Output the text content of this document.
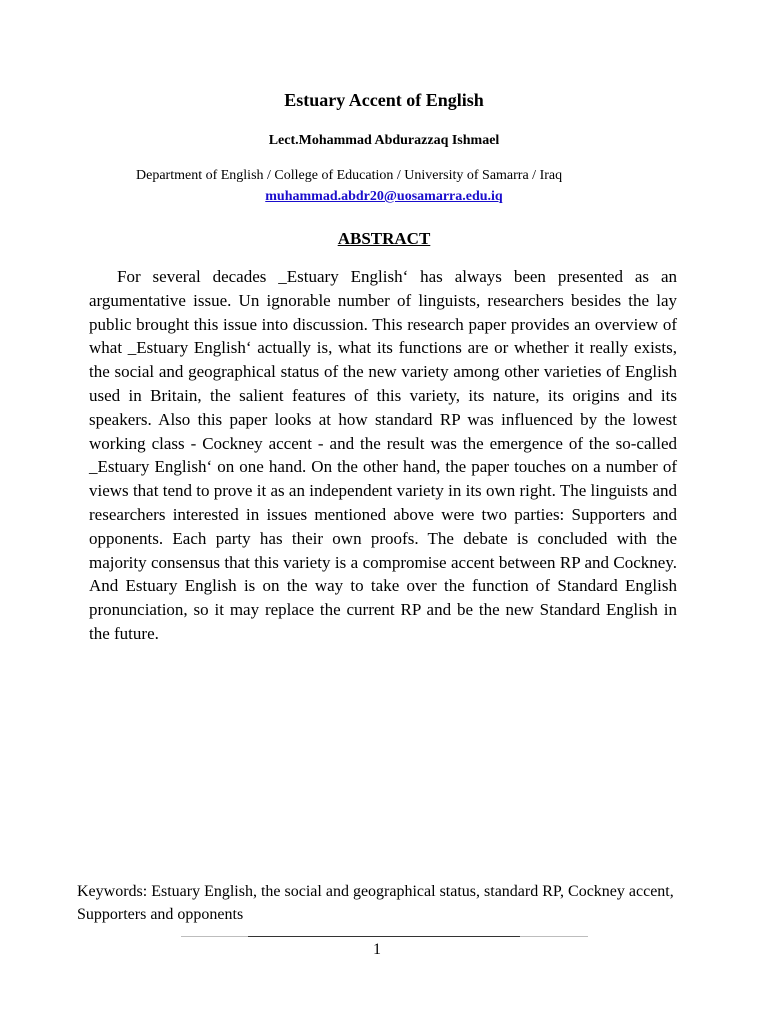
Estuary Accent of English
Lect.Mohammad Abdurazzaq Ishmael
Department of English / College of Education / University of Samarra / Iraq
muhammad.abdr20@uosamarra.edu.iq
ABSTRACT

For several decades _Estuary English‘ has always been presented as an argumentative issue. Un ignorable number of linguists, researchers besides the lay public brought this issue into discussion. This research paper provides an overview of what _Estuary English‘ actually is, what its functions are or whether it really exists, the social and geographical status of the new variety among other varieties of English used in Britain, the salient features of this variety, its nature, its origins and its speakers. Also this paper looks at how standard RP was influenced by the lowest working class - Cockney accent - and the result was the emergence of the so-called _Estuary English‘ on one hand. On the other hand, the paper touches on a number of views that tend to prove it as an independent variety in its own right. The linguists and researchers interested in issues mentioned above were two parties: Supporters and opponents. Each party has their own proofs. The debate is concluded with the majority consensus that this variety is a compromise accent between RP and Cockney. And Estuary English is on the way to take over the function of Standard English pronunciation, so it may replace the current RP and be the new Standard English in the future.

Keywords: Estuary English, the social and geographical status, standard RP, Cockney accent, Supporters and opponents

1
